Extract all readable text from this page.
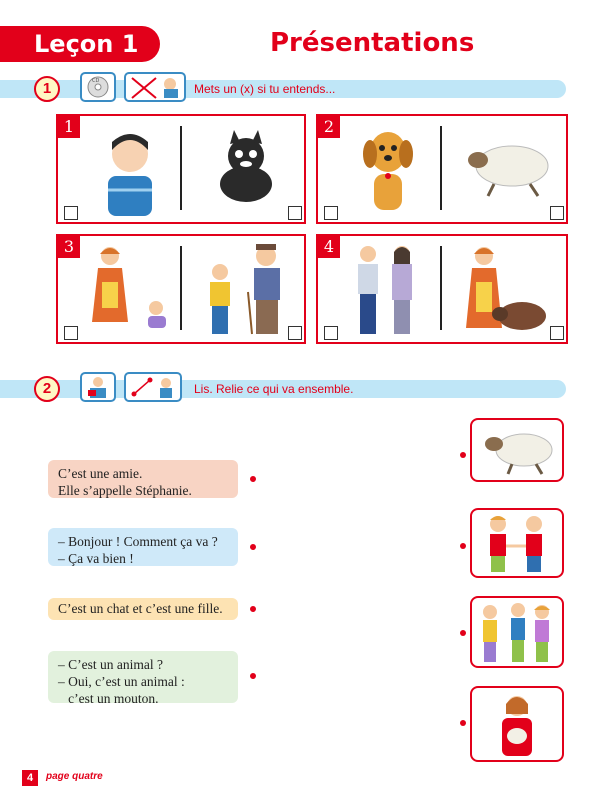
Leçon 1	Présentations
1	CD
Mets un (x) si tu entends...
1	2
3	4
2	Lis. Relie ce qui va ensemble.
C’est une amie.
Elle s’appelle Stéphanie.
– Bonjour ! Comment ça va ?
– Ça va bien !
C’est un chat et c’est une fille.
– C’est un animal ?
– Oui, c’est un animal :
c’est un mouton.
4	page quatre
